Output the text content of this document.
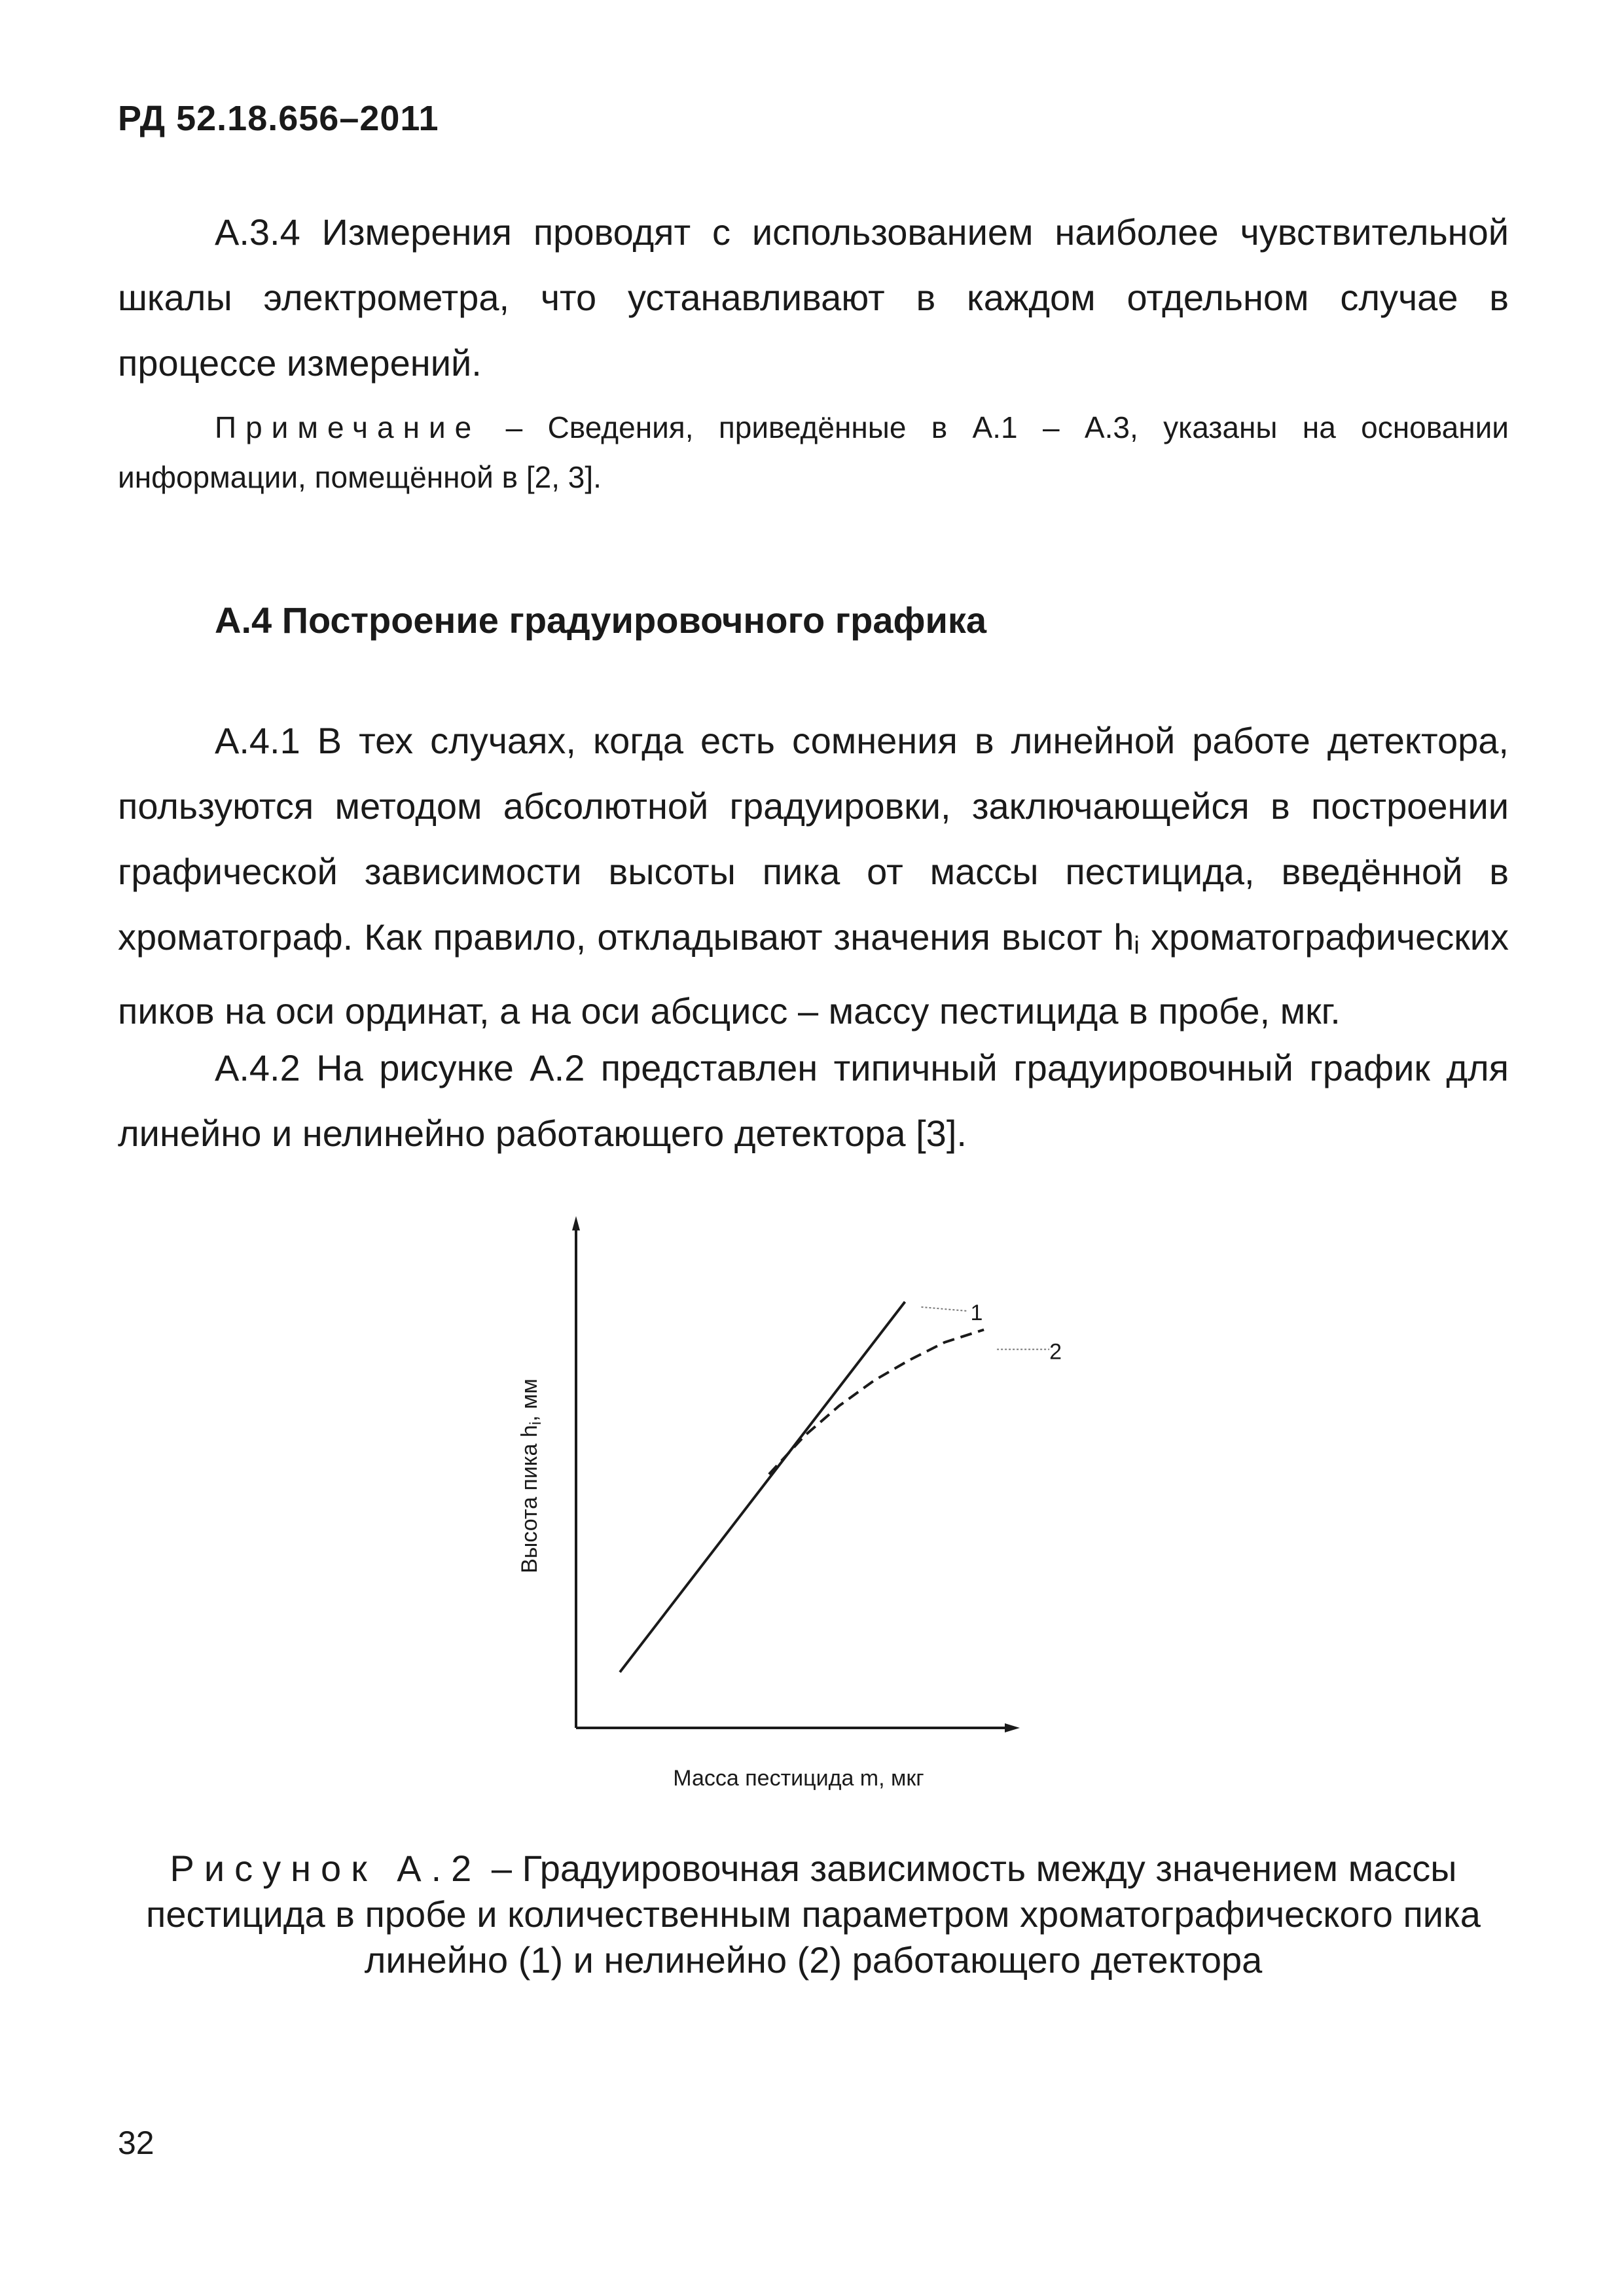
РД 52.18.656–2011

А.3.4 Измерения проводят с использованием наиболее чувствительной шкалы электрометра, что устанавливают в каждом отдельном случае в процессе измерений.

Примечание – Сведения, приведённые в А.1 – А.3, указаны на основании информации, помещённой в [2, 3].

А.4 Построение градуировочного графика

А.4.1 В тех случаях, когда есть сомнения в линейной работе детектора, пользуются методом абсолютной градуировки, заключающейся в построении графической зависимости высоты пика от массы пестицида, введённой в хроматограф. Как правило, откладывают значения высот $h_i$ хроматографических пиков на оси ординат, а на оси абсцисс – массу пестицида в пробе, мкг.

А.4.2 На рисунке А.2 представлен типичный градуировочный график для линейно и нелинейно работающего детектора [3].

1
2
Высота пика hi, мм
Масса пестицида m, мкг

Рисунок А.2 – Градуировочная зависимость между значением массы пестицида в пробе и количественным параметром хроматографического пика линейно (1) и нелинейно (2) работающего детектора

32
